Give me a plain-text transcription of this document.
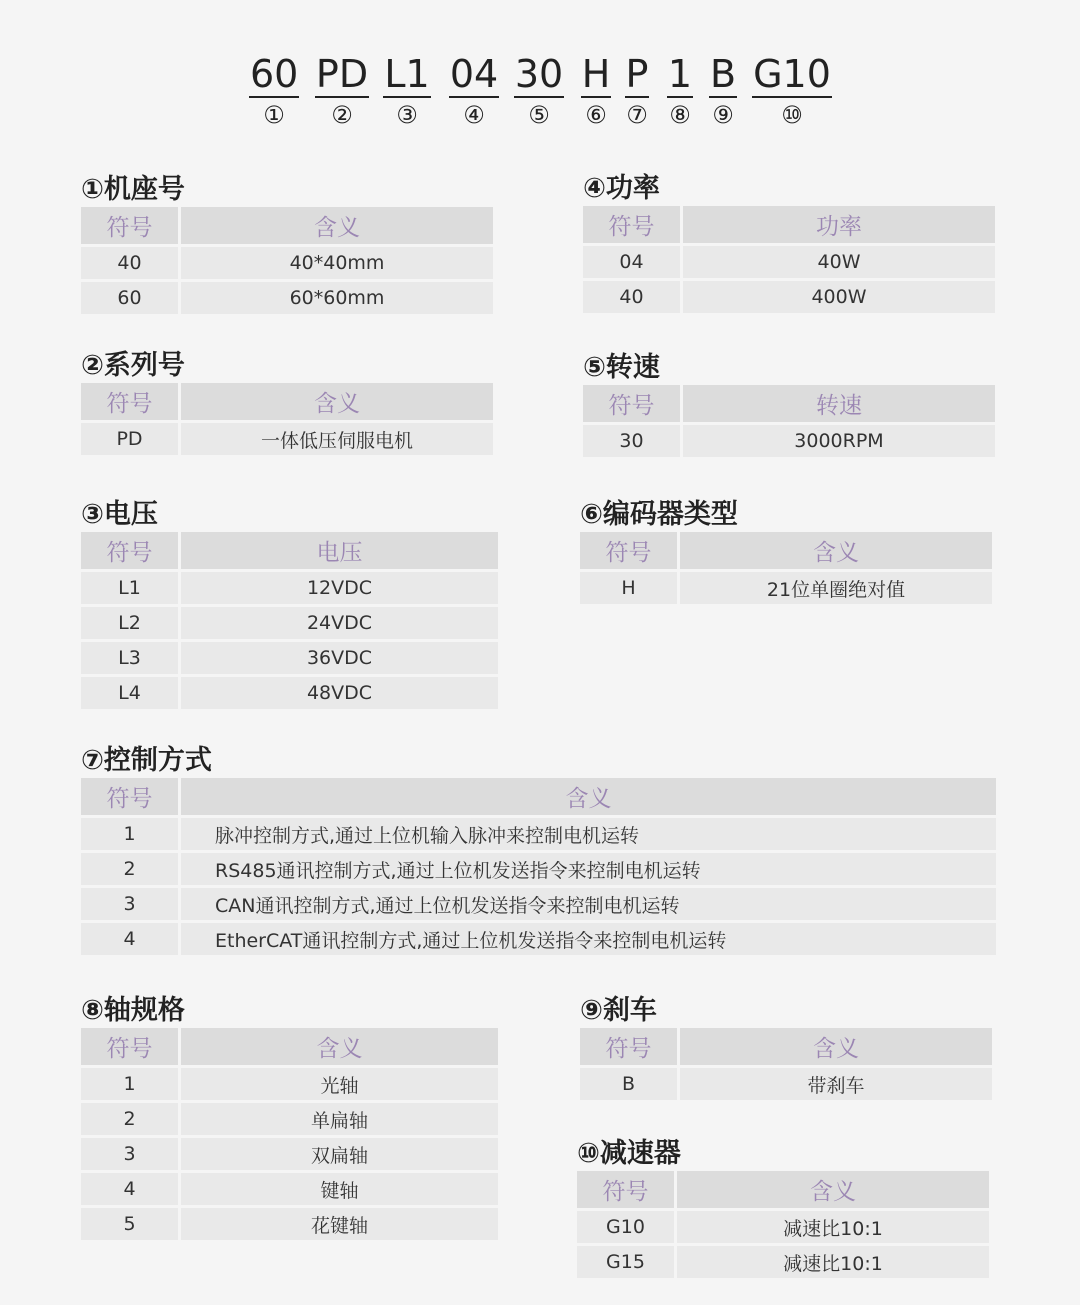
60
①
PD
②
L1
③
04
④
30
⑤
H
⑥
P
⑦
1
⑧
B
⑨
G10
⑩
①机座号
符号	含义
40	40*40mm
60	60*60mm
④功率
符号	功率
04	40W
40	400W
②系列号
符号	含义
PD	一体低压伺服电机
⑤转速
符号	转速
30	3000RPM
③电压
符号	电压
L1	12VDC
L2	24VDC
L3	36VDC
L4	48VDC
⑥编码器类型
符号	含义
H	21位单圈绝对值
⑦控制方式
符号	含义
1	脉冲控制方式,通过上位机输入脉冲来控制电机运转
2	RS485通讯控制方式,通过上位机发送指令来控制电机运转
3	CAN通讯控制方式,通过上位机发送指令来控制电机运转
4	EtherCAT通讯控制方式,通过上位机发送指令来控制电机运转
⑧轴规格
符号	含义
1	光轴
2	单扁轴
3	双扁轴
4	键轴
5	花键轴
⑨刹车
符号	含义
B	带刹车
⑩减速器
符号	含义
G10	减速比10:1
G15	减速比10:1
